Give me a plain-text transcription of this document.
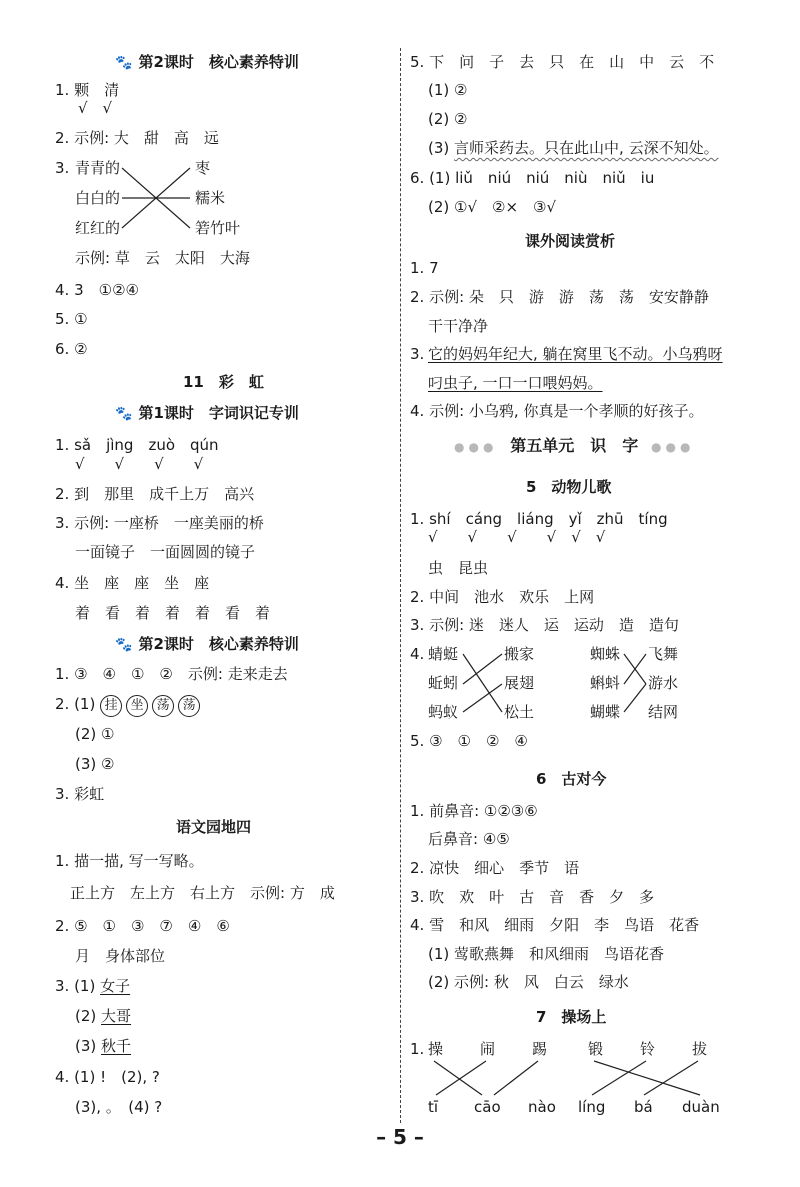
🐾 第2课时　核心素养特训
1. 颗　清
√　√
2. 示例: 大　甜　高　远
3. 青青的
白白的
红红的
枣
糯米
箬竹叶
示例: 草　云　太阳　大海
4. 3　①②④
5. ①
6. ②
11　彩　虹
🐾 第1课时　字词识记专训
1. sǎ　jìng　zuò　qún
√　　√　　√　　√
2. 到　那里　成千上万　高兴
3. 示例: 一座桥　一座美丽的桥
一面镜子　一面圆圆的镜子
4. 坐　座　座　坐　座
着　看　着　着　着　看　着
🐾 第2课时　核心素养特训
1. ③　④　①　②　示例: 走来走去
2. (1) 挂 坐 荡 荡
(2) ①
(3) ②
3. 彩虹
语文园地四
1. 描一描, 写一写略。
正上方　左上方　右上方　示例: 方　成
2. ⑤　①　③　⑦　④　⑥
月　身体部位
3. (1) 女子
(2) 大哥
(3) 秋千
4. (1) !　(2), ?
(3), 。　(4) ?
5. 下　问　子　去　只　在　山　中　云　不
(1) ②
(2) ②
(3) 言师采药去。只在此山中, 云深不知处。
6. (1) liǔ　niú　niú　niù　niǔ　iu
(2) ①√　②×　③√
课外阅读赏析
1. 7
2. 示例: 朵　只　游　游　荡　荡　安安静静
干干净净
3. 它的妈妈年纪大, 躺在窝里飞不动。小乌鸦呀
叼虫子, 一口一口喂妈妈。
4. 示例: 小乌鸦, 你真是一个孝顺的好孩子。
●●● 第五单元　识　字 ●●●
5　动物儿歌
1. shí　cáng　liáng　yǐ　zhū　tíng
√　　√　　√　　√　√　√
虫　昆虫
2. 中间　池水　欢乐　上网
3. 示例: 迷　迷人　运　运动　造　造句
4. 蜻蜓
蚯蚓
蚂蚁
搬家
展翅
松土
蜘蛛
蝌蚪
蝴蝶
飞舞
游水
结网
5. ③　①　②　④
6　古对今
1. 前鼻音: ①②③⑥
后鼻音: ④⑤
2. 凉快　细心　季节　语
3. 吹　欢　叶　古　音　香　夕　多
4. 雪　和风　细雨　夕阳　李　鸟语　花香
(1) 莺歌燕舞　和风细雨　鸟语花香
(2) 示例: 秋　风　白云　绿水
7　操场上
1. 操 闹 踢	锻 铃 拔
tī cāo nào líng bá duàn
– 5 –
